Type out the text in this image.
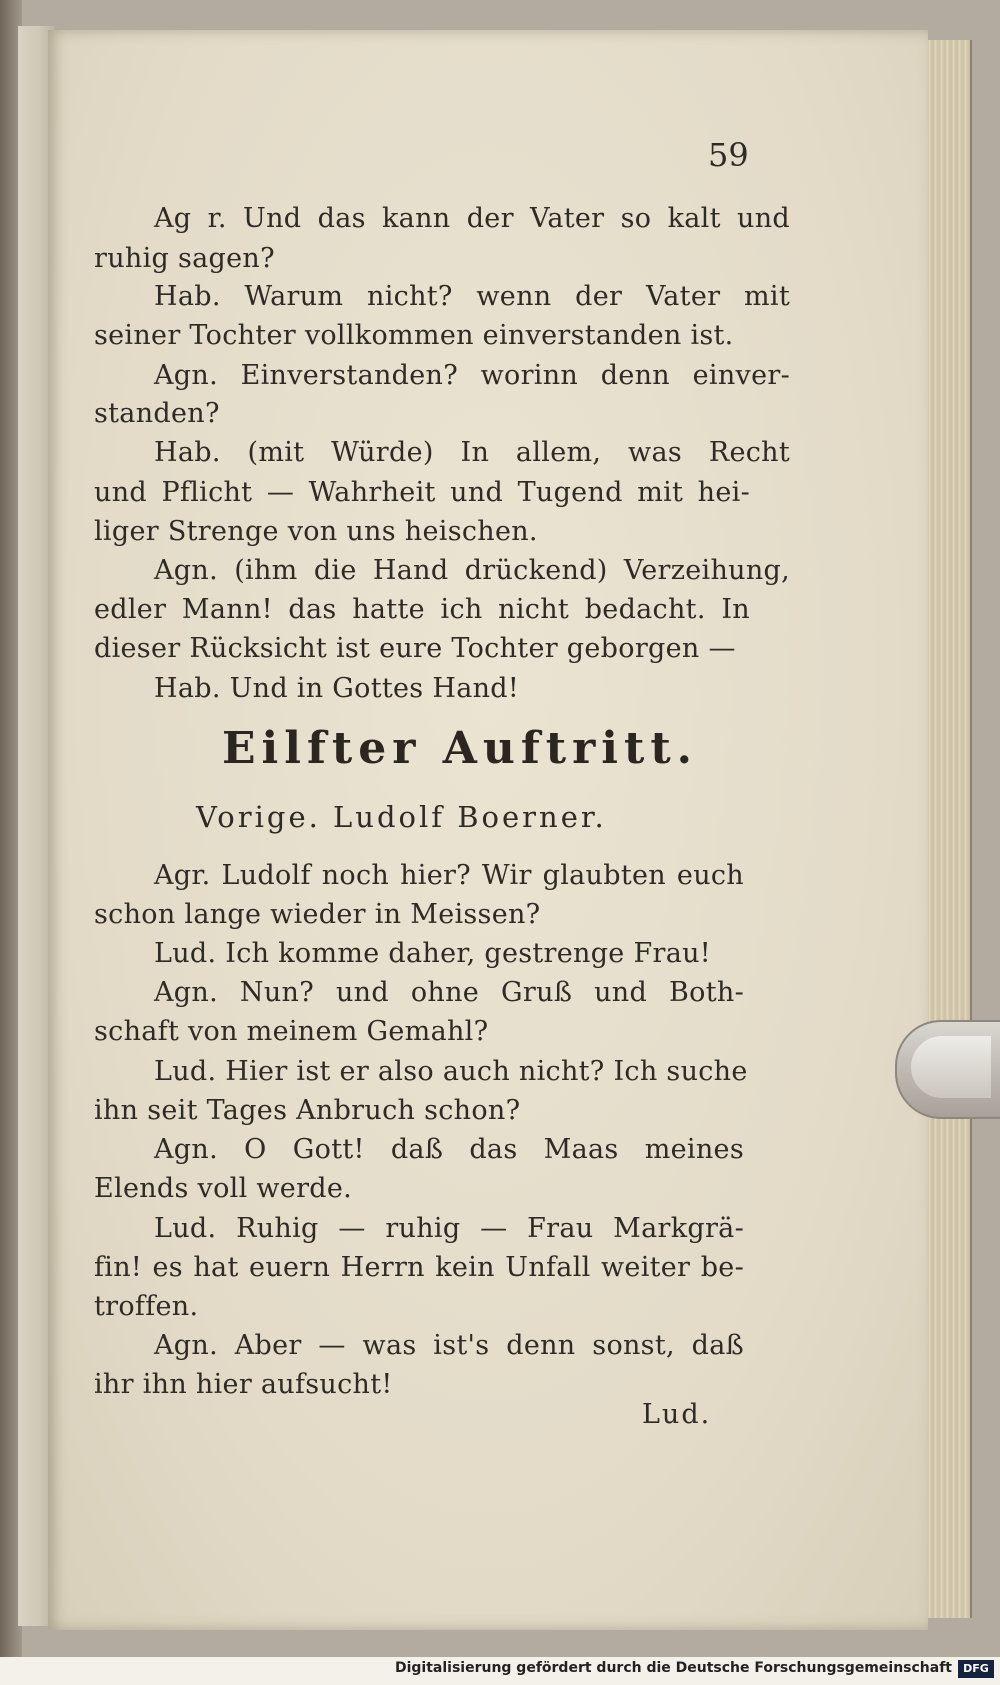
59
Ag r. Und das kann der Vater so kalt und
ruhig sagen?
Hab. Warum nicht? wenn der Vater mit
seiner Tochter vollkommen einverstanden ist.
Agn. Einverstanden? worinn denn einver-
standen?
Hab. (mit Würde) In allem, was Recht
und Pflicht — Wahrheit und Tugend mit hei-
liger Strenge von uns heischen.
Agn. (ihm die Hand drückend) Verzeihung,
edler Mann! das hatte ich nicht bedacht. In
dieser Rücksicht ist eure Tochter geborgen —
Hab. Und in Gottes Hand!
Eilfter Auftritt.
Vorige. Ludolf Boerner.
Agr. Ludolf noch hier? Wir glaubten euch
schon lange wieder in Meissen?
Lud. Ich komme daher, gestrenge Frau!
Agn. Nun? und ohne Gruß und Both-
schaft von meinem Gemahl?
Lud. Hier ist er also auch nicht? Ich suche
ihn seit Tages Anbruch schon?
Agn. O Gott! daß das Maas meines
Elends voll werde.
Lud. Ruhig — ruhig — Frau Markgrä-
fin! es hat euern Herrn kein Unfall weiter be-
troffen.
Agn. Aber — was ist's denn sonst, daß
ihr ihn hier aufsucht!
Lud.
Digitalisierung gefördert durch die Deutsche Forschungsgemeinschaft	DFG
